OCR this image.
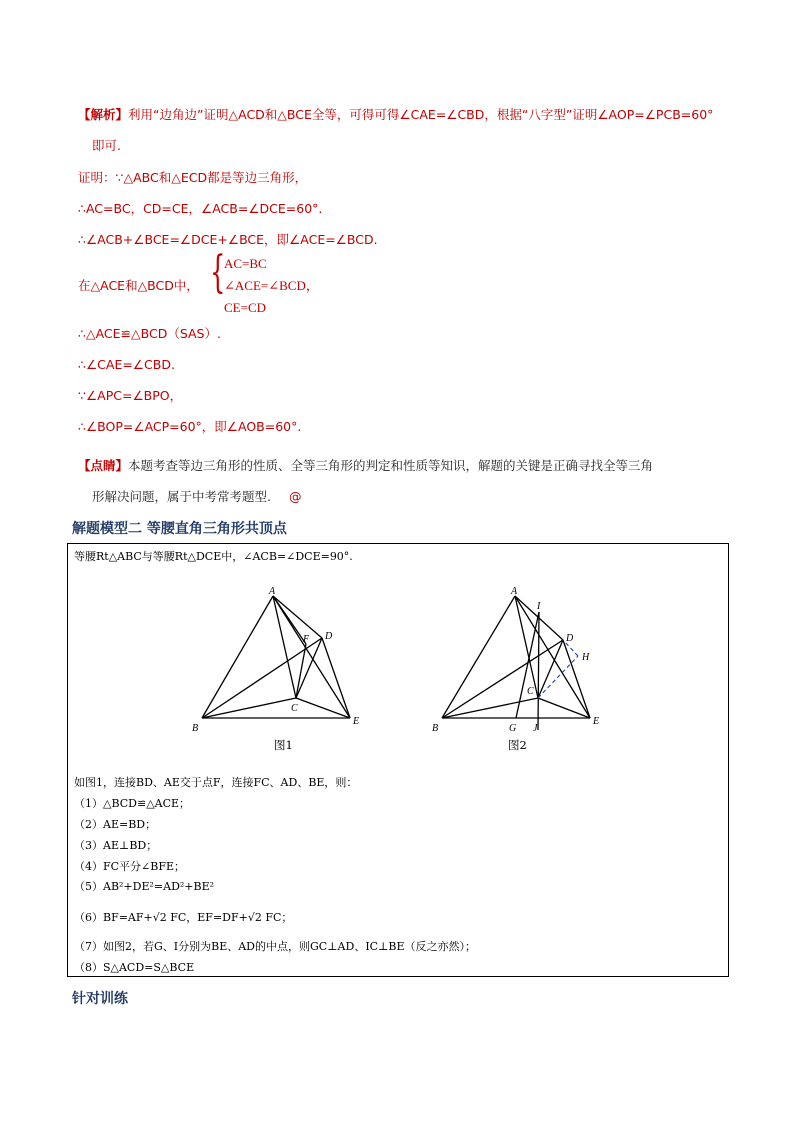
【解析】利用“边角边”证明△ACD和△BCE全等，可得可得∠CAE=∠CBD，根据“八字型”证明∠AOP=∠PCB=60°
即可.
证明：∵△ABC和△ECD都是等边三角形，
∴AC=BC，CD=CE，∠ACB=∠DCE=60°.
∴∠ACB+∠BCE=∠DCE+∠BCE，即∠ACE=∠BCD.
在△ACE和△BCD中， {
AC=BC
∠ACE=∠BCD，
CE=CD
∴△ACE≌△BCD（SAS）.
∴∠CAE=∠CBD.
∵∠APC=∠BPO，
∴∠BOP=∠ACP=60°，即∠AOB=60°.
【点睛】本题考查等边三角形的性质、全等三角形的判定和性质等知识，解题的关键是正确寻找全等三角
形解决问题，属于中考常考题型. @
解题模型二 等腰直角三角形共顶点
等腰Rt△ABC与等腰Rt△DCE中，∠ACB=∠DCE=90°.
A
B
C
D
E
F
图1
A
B
C
D
E
G
H
I
J
图2
如图1，连接BD、AE交于点F，连接FC、AD、BE，则：
（1）△BCD≌△ACE；
（2）AE=BD；
（3）AE⊥BD；
（4）FC平分∠BFE；
（5）AB²+DE²=AD²+BE²
（6）BF=AF+√2 FC，EF=DF+√2 FC；
（7）如图2，若G、I分别为BE、AD的中点，则GC⊥AD、IC⊥BE（反之亦然）；
（8）S△ACD=S△BCE
针对训练
